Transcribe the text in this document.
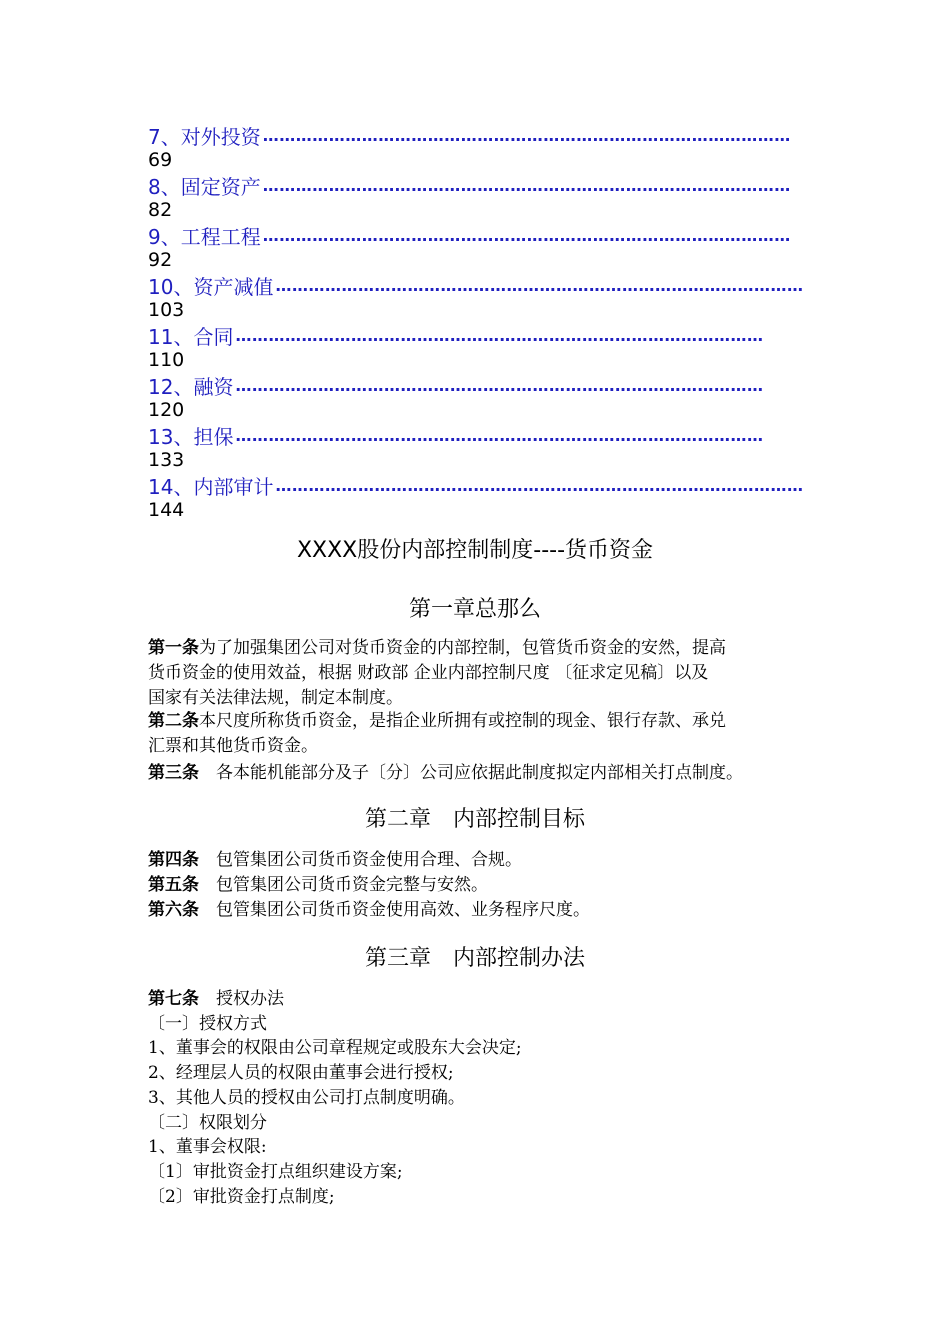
7、对外投资 ……………………………………………………………………………………
69
8、固定资产 ……………………………………………………………………………………
82
9、工程工程 ……………………………………………………………………………………
92
10、资产减值 ……………………………………………………………………………………
103
11、合同 ……………………………………………………………………………………
110
12、融资 ……………………………………………………………………………………
120
13、担保 ……………………………………………………………………………………
133
14、内部审计 ……………………………………………………………………………………
144
XXXX股份内部控制制度----货币资金
第一章总那么
第一条为了加强集团公司对货币资金的内部控制，包管货币资金的安然，提高
货币资金的使用效益，根据 财政部 企业内部控制尺度 〔征求定见稿〕以及
国家有关法律法规，制定本制度。
第二条本尺度所称货币资金，是指企业所拥有或控制的现金、银行存款、承兑
汇票和其他货币资金。
第三条　各本能机能部分及子〔分〕公司应依据此制度拟定内部相关打点制度。
第二章　内部控制目标
第四条　包管集团公司货币资金使用合理、合规。
第五条　包管集团公司货币资金完整与安然。
第六条　包管集团公司货币资金使用高效、业务程序尺度。
第三章　内部控制办法
第七条　授权办法
〔一〕授权方式
1、董事会的权限由公司章程规定或股东大会决定;
2、经理层人员的权限由董事会进行授权;
3、其他人员的授权由公司打点制度明确。
〔二〕权限划分
1、董事会权限:
〔1〕审批资金打点组织建设方案;
〔2〕审批资金打点制度;
